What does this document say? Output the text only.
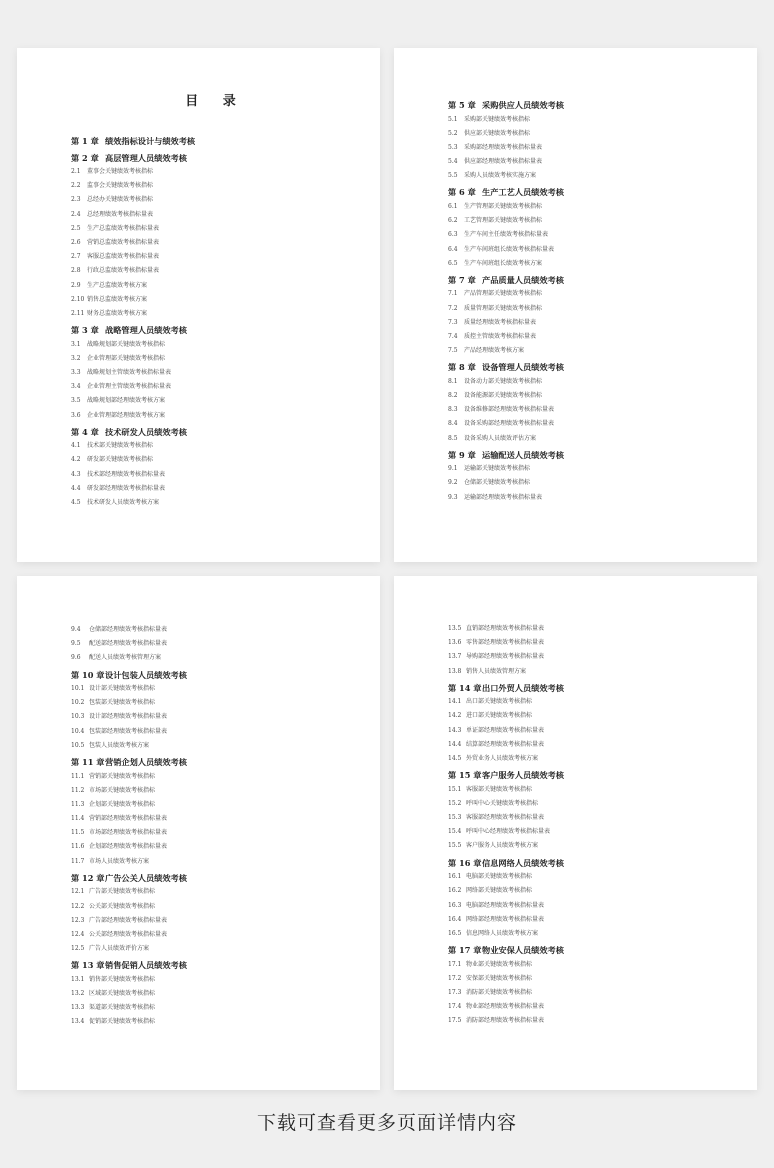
目 录
第 1 章 绩效指标设计与绩效考核
第 2 章 高层管理人员绩效考核
2.1 董事会关键绩效考核指标
2.2 监事会关键绩效考核指标
2.3 总经办关键绩效考核指标
2.4 总经理绩效考核指标量表
2.5 生产总监绩效考核指标量表
2.6 营销总监绩效考核指标量表
2.7 客服总监绩效考核指标量表
2.8 行政总监绩效考核指标量表
2.9 生产总监绩效考核方案
2.10 销售总监绩效考核方案
2.11 财务总监绩效考核方案
第 3 章 战略管理人员绩效考核
3.1 战略规划部关键绩效考核指标
3.2 企业管理部关键绩效考核指标
3.3 战略规划主管绩效考核指标量表
3.4 企业管理主管绩效考核指标量表
3.5 战略规划部经理绩效考核方案
3.6 企业管理部经理绩效考核方案
第 4 章 技术研发人员绩效考核
4.1 技术部关键绩效考核指标
4.2 研发部关键绩效考核指标
4.3 技术部经理绩效考核指标量表
4.4 研发部经理绩效考核指标量表
4.5 技术研发人员绩效考核方案
第 5 章 采购供应人员绩效考核
5.1 采购部关键绩效考核指标
5.2 供应部关键绩效考核指标
5.3 采购部经理绩效考核指标量表
5.4 供应部经理绩效考核指标量表
5.5 采购人员绩效考核实施方案
第 6 章 生产工艺人员绩效考核
6.1 生产管理部关键绩效考核指标
6.2 工艺管理部关键绩效考核指标
6.3 生产车间主任绩效考核指标量表
6.4 生产车间班组长绩效考核指标量表
6.5 生产车间班组长绩效考核方案
第 7 章 产品质量人员绩效考核
7.1 产品管理部关键绩效考核指标
7.2 质量管理部关键绩效考核指标
7.3 质量经理绩效考核指标量表
7.4 质控主管绩效考核指标量表
7.5 产品经理绩效考核方案
第 8 章 设备管理人员绩效考核
8.1 设备动力部关键绩效考核指标
8.2 设备能源部关键绩效考核指标
8.3 设备维修部经理绩效考核指标量表
8.4 设备采购部经理绩效考核指标量表
8.5 设备采购人员绩效评估方案
第 9 章 运输配送人员绩效考核
9.1 运输部关键绩效考核指标
9.2 仓储部关键绩效考核指标
9.3 运输部经理绩效考核指标量表
9.4 仓储部经理绩效考核指标量表
9.5 配送部经理绩效考核指标量表
9.6 配送人员绩效考核管理方案
第 10 章设计包装人员绩效考核
10.1 设计部关键绩效考核指标
10.2 包装部关键绩效考核指标
10.3 设计部经理绩效考核指标量表
10.4 包装部经理绩效考核指标量表
10.5 包装人员绩效考核方案
第 11 章营销企划人员绩效考核
11.1 营销部关键绩效考核指标
11.2 市场部关键绩效考核指标
11.3 企划部关键绩效考核指标
11.4 营销部经理绩效考核指标量表
11.5 市场部经理绩效考核指标量表
11.6 企划部经理绩效考核指标量表
11.7 市场人员绩效考核方案
第 12 章广告公关人员绩效考核
12.1 广告部关键绩效考核指标
12.2 公关部关键绩效考核指标
12.3 广告部经理绩效考核指标量表
12.4 公关部经理绩效考核指标量表
12.5 广告人员绩效评价方案
第 13 章销售促销人员绩效考核
13.1 销售部关键绩效考核指标
13.2 区域部关键绩效考核指标
13.3 渠道部关键绩效考核指标
13.4 促销部关键绩效考核指标
13.5 直销部经理绩效考核指标量表
13.6 零售部经理绩效考核指标量表
13.7 导购部经理绩效考核指标量表
13.8 销售人员绩效管理方案
第 14 章出口外贸人员绩效考核
14.1 出口部关键绩效考核指标
14.2 进口部关键绩效考核指标
14.3 单证部经理绩效考核指标量表
14.4 结算部经理绩效考核指标量表
14.5 外贸业务人员绩效考核方案
第 15 章客户服务人员绩效考核
15.1 客服部关键绩效考核指标
15.2 呼叫中心关键绩效考核指标
15.3 客服部经理绩效考核指标量表
15.4 呼叫中心经理绩效考核指标量表
15.5 客户服务人员绩效考核方案
第 16 章信息网络人员绩效考核
16.1 电脑部关键绩效考核指标
16.2 网络部关键绩效考核指标
16.3 电脑部经理绩效考核指标量表
16.4 网络部经理绩效考核指标量表
16.5 信息网络人员绩效考核方案
第 17 章物业安保人员绩效考核
17.1 物业部关键绩效考核指标
17.2 安保部关键绩效考核指标
17.3 消防部关键绩效考核指标
17.4 物业部经理绩效考核指标量表
17.5 消防部经理绩效考核指标量表
下载可查看更多页面详情内容
